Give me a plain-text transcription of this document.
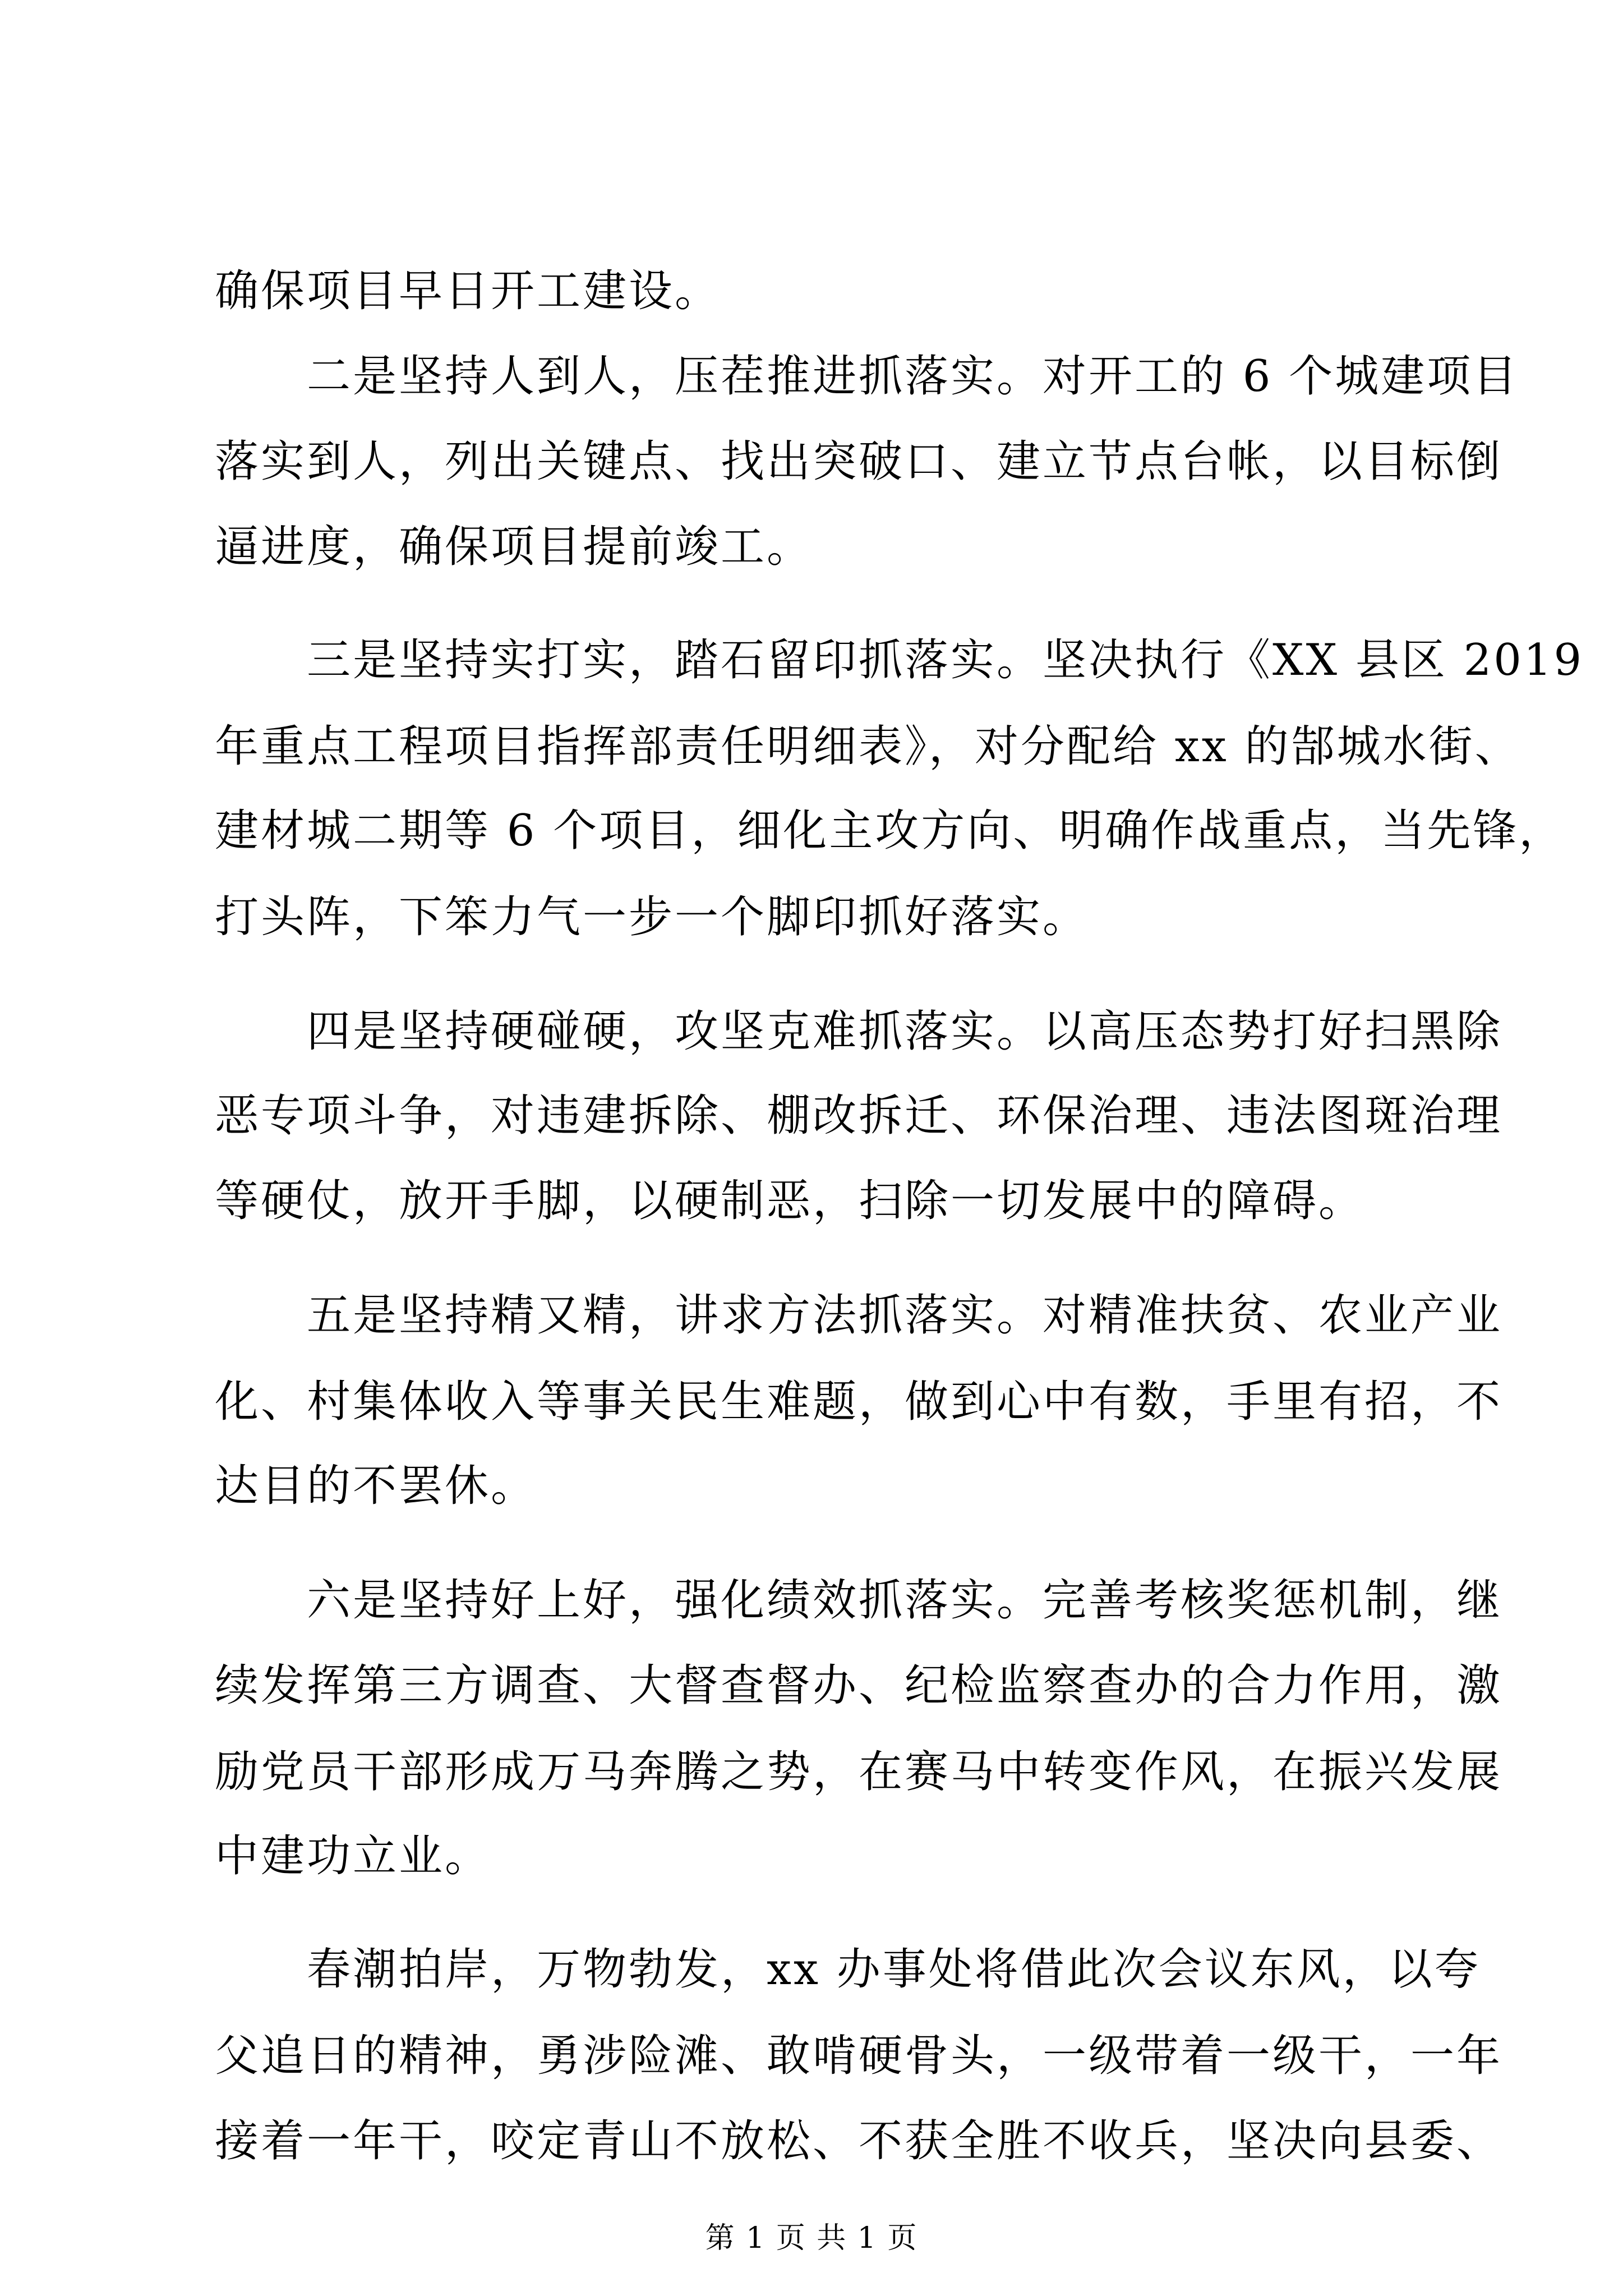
确保项目早日开工建设。

　　二是坚持人到人，压茬推进抓落实。对开工的 6 个城建项目

落实到人，列出关键点、找出突破口、建立节点台帐，以目标倒

逼进度，确保项目提前竣工。

　　三是坚持实打实，踏石留印抓落实。坚决执行《XX 县区 2019

年重点工程项目指挥部责任明细表》，对分配给 xx 的郜城水街、

建材城二期等 6 个项目，细化主攻方向、明确作战重点，当先锋，

打头阵，下笨力气一步一个脚印抓好落实。

　　四是坚持硬碰硬，攻坚克难抓落实。以高压态势打好扫黑除

恶专项斗争，对违建拆除、棚改拆迁、环保治理、违法图斑治理

等硬仗，放开手脚，以硬制恶，扫除一切发展中的障碍。

　　五是坚持精又精，讲求方法抓落实。对精准扶贫、农业产业

化、村集体收入等事关民生难题，做到心中有数，手里有招，不

达目的不罢休。

　　六是坚持好上好，强化绩效抓落实。完善考核奖惩机制，继

续发挥第三方调查、大督查督办、纪检监察查办的合力作用，激

励党员干部形成万马奔腾之势，在赛马中转变作风，在振兴发展

中建功立业。

　　春潮拍岸，万物勃发，xx 办事处将借此次会议东风，以夸

父追日的精神，勇涉险滩、敢啃硬骨头，一级带着一级干，一年

接着一年干，咬定青山不放松、不获全胜不收兵，坚决向县委、

第 1 页 共 1 页
